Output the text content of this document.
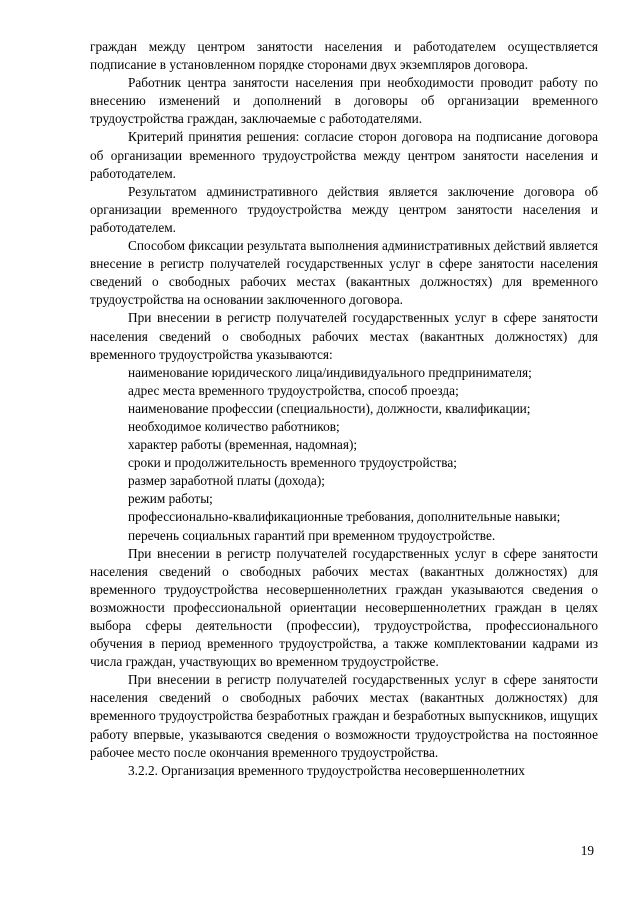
граждан между центром занятости населения и работодателем осуществляется подписание в установленном порядке сторонами двух экземпляров договора.

Работник центра занятости населения при необходимости проводит работу по внесению изменений и дополнений в договоры об организации временного трудоустройства граждан, заключаемые с работодателями.

Критерий принятия решения: согласие сторон договора на подписание договора об организации временного трудоустройства между центром занятости населения и работодателем.

Результатом административного действия является заключение договора об организации временного трудоустройства между центром занятости населения и работодателем.

Способом фиксации результата выполнения административных действий является внесение в регистр получателей государственных услуг в сфере занятости населения сведений о свободных рабочих местах (вакантных должностях) для временного трудоустройства на основании заключенного договора.

При внесении в регистр получателей государственных услуг в сфере занятости населения сведений о свободных рабочих местах (вакантных должностях) для временного трудоустройства указываются:

наименование юридического лица/индивидуального предпринимателя;

адрес места временного трудоустройства, способ проезда;

наименование профессии (специальности), должности, квалификации;

необходимое количество работников;

характер работы (временная, надомная);

сроки и продолжительность временного трудоустройства;

размер заработной платы (дохода);

режим работы;

профессионально-квалификационные требования, дополнительные навыки;

перечень социальных гарантий при временном трудоустройстве.

При внесении в регистр получателей государственных услуг в сфере занятости населения сведений о свободных рабочих местах (вакантных должностях) для временного трудоустройства несовершеннолетних граждан указываются сведения о возможности профессиональной ориентации несовершеннолетних граждан в целях выбора сферы деятельности (профессии), трудоустройства, профессионального обучения в период временного трудоустройства, а также комплектовании кадрами из числа граждан, участвующих во временном трудоустройстве.

При внесении в регистр получателей государственных услуг в сфере занятости населения сведений о свободных рабочих местах (вакантных должностях) для временного трудоустройства безработных граждан и безработных выпускников, ищущих работу впервые, указываются сведения о возможности трудоустройства на постоянное рабочее место после окончания временного трудоустройства.

3.2.2. Организация временного трудоустройства несовершеннолетних

19
